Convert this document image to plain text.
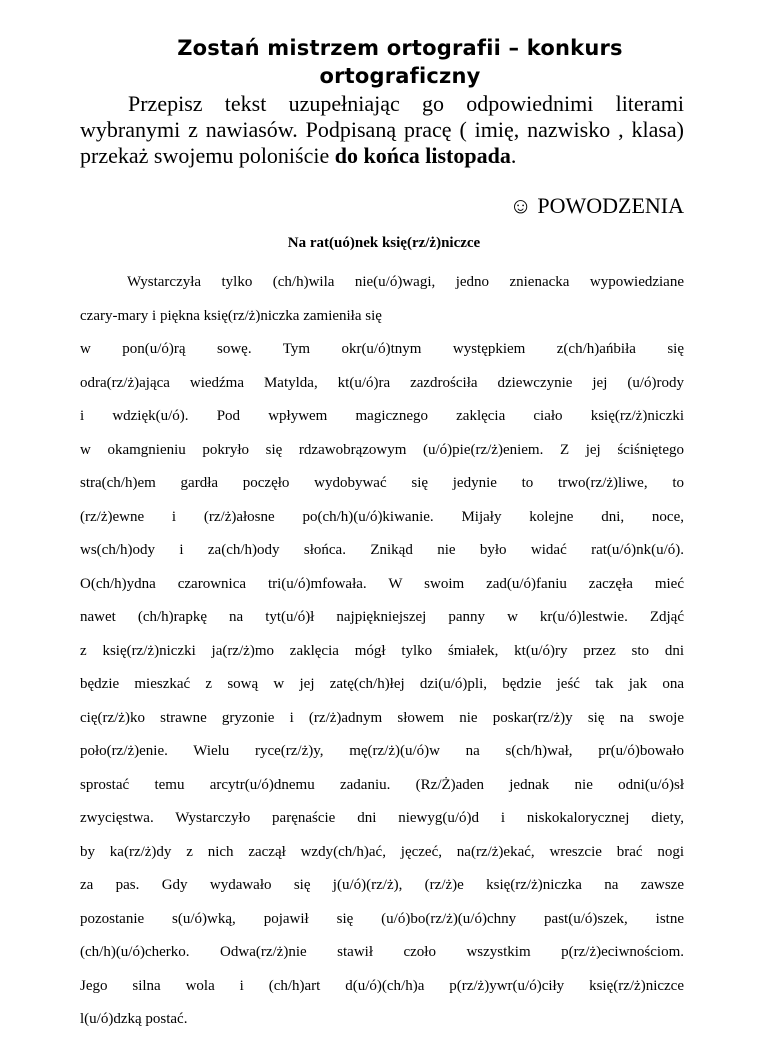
Zostań mistrzem ortografii – konkurs
ortograficzny

Przepisz tekst uzupełniając go odpowiednimi literami wybranymi z nawiasów. Podpisaną pracę ( imię, nazwisko , klasa) przekaż swojemu poloniście do końca listopada.

☺ POWODZENIA
Na rat(uó)nek księ(rz/ż)niczce
Wystarczyła tylko (ch/h)wila nie(u/ó)wagi, jedno znienacka wypowiedziane
czary-mary i piękna księ(rz/ż)niczka zamieniła się
w pon(u/ó)rą sowę. Tym okr(u/ó)tnym występkiem z(ch/h)ańbiła się
odra(rz/ż)ająca wiedźma Matylda, kt(u/ó)ra zazdrościła dziewczynie jej (u/ó)rody
i wdzięk(u/ó). Pod wpływem magicznego zaklęcia ciało księ(rz/ż)niczki
w okamgnieniu pokryło się rdzawobrązowym (u/ó)pie(rz/ż)eniem. Z jej ściśniętego
stra(ch/h)em gardła poczęło wydobywać się jedynie to trwo(rz/ż)liwe, to
(rz/ż)ewne i (rz/ż)ałosne po(ch/h)(u/ó)kiwanie. Mijały kolejne dni, noce,
ws(ch/h)ody i za(ch/h)ody słońca. Znikąd nie było widać rat(u/ó)nk(u/ó).
O(ch/h)ydna czarownica tri(u/ó)mfowała. W swoim zad(u/ó)faniu zaczęła mieć
nawet (ch/h)rapkę na tyt(u/ó)ł najpiękniejszej panny w kr(u/ó)lestwie. Zdjąć
z księ(rz/ż)niczki ja(rz/ż)mo zaklęcia mógł tylko śmiałek, kt(u/ó)ry przez sto dni
będzie mieszkać z sową w jej zatę(ch/h)łej dzi(u/ó)pli, będzie jeść tak jak ona
cię(rz/ż)ko strawne gryzonie i (rz/ż)adnym słowem nie poskar(rz/ż)y się na swoje
poło(rz/ż)enie. Wielu ryce(rz/ż)y, mę(rz/ż)(u/ó)w na s(ch/h)wał, pr(u/ó)bowało
sprostać temu arcytr(u/ó)dnemu zadaniu. (Rz/Ż)aden jednak nie odni(u/ó)sł
zwycięstwa. Wystarczyło paręnaście dni niewyg(u/ó)d i niskokalorycznej diety,
by ka(rz/ż)dy z nich zaczął wzdy(ch/h)ać, jęczeć, na(rz/ż)ekać, wreszcie brać nogi
za pas. Gdy wydawało się j(u/ó)(rz/ż), (rz/ż)e księ(rz/ż)niczka na zawsze
pozostanie s(u/ó)wką, pojawił się (u/ó)bo(rz/ż)(u/ó)chny past(u/ó)szek, istne
(ch/h)(u/ó)cherko. Odwa(rz/ż)nie stawił czoło wszystkim p(rz/ż)eciwnościom.
Jego silna wola i (ch/h)art d(u/ó)(ch/h)a p(rz/ż)ywr(u/ó)ciły księ(rz/ż)niczce
l(u/ó)dzką postać.
